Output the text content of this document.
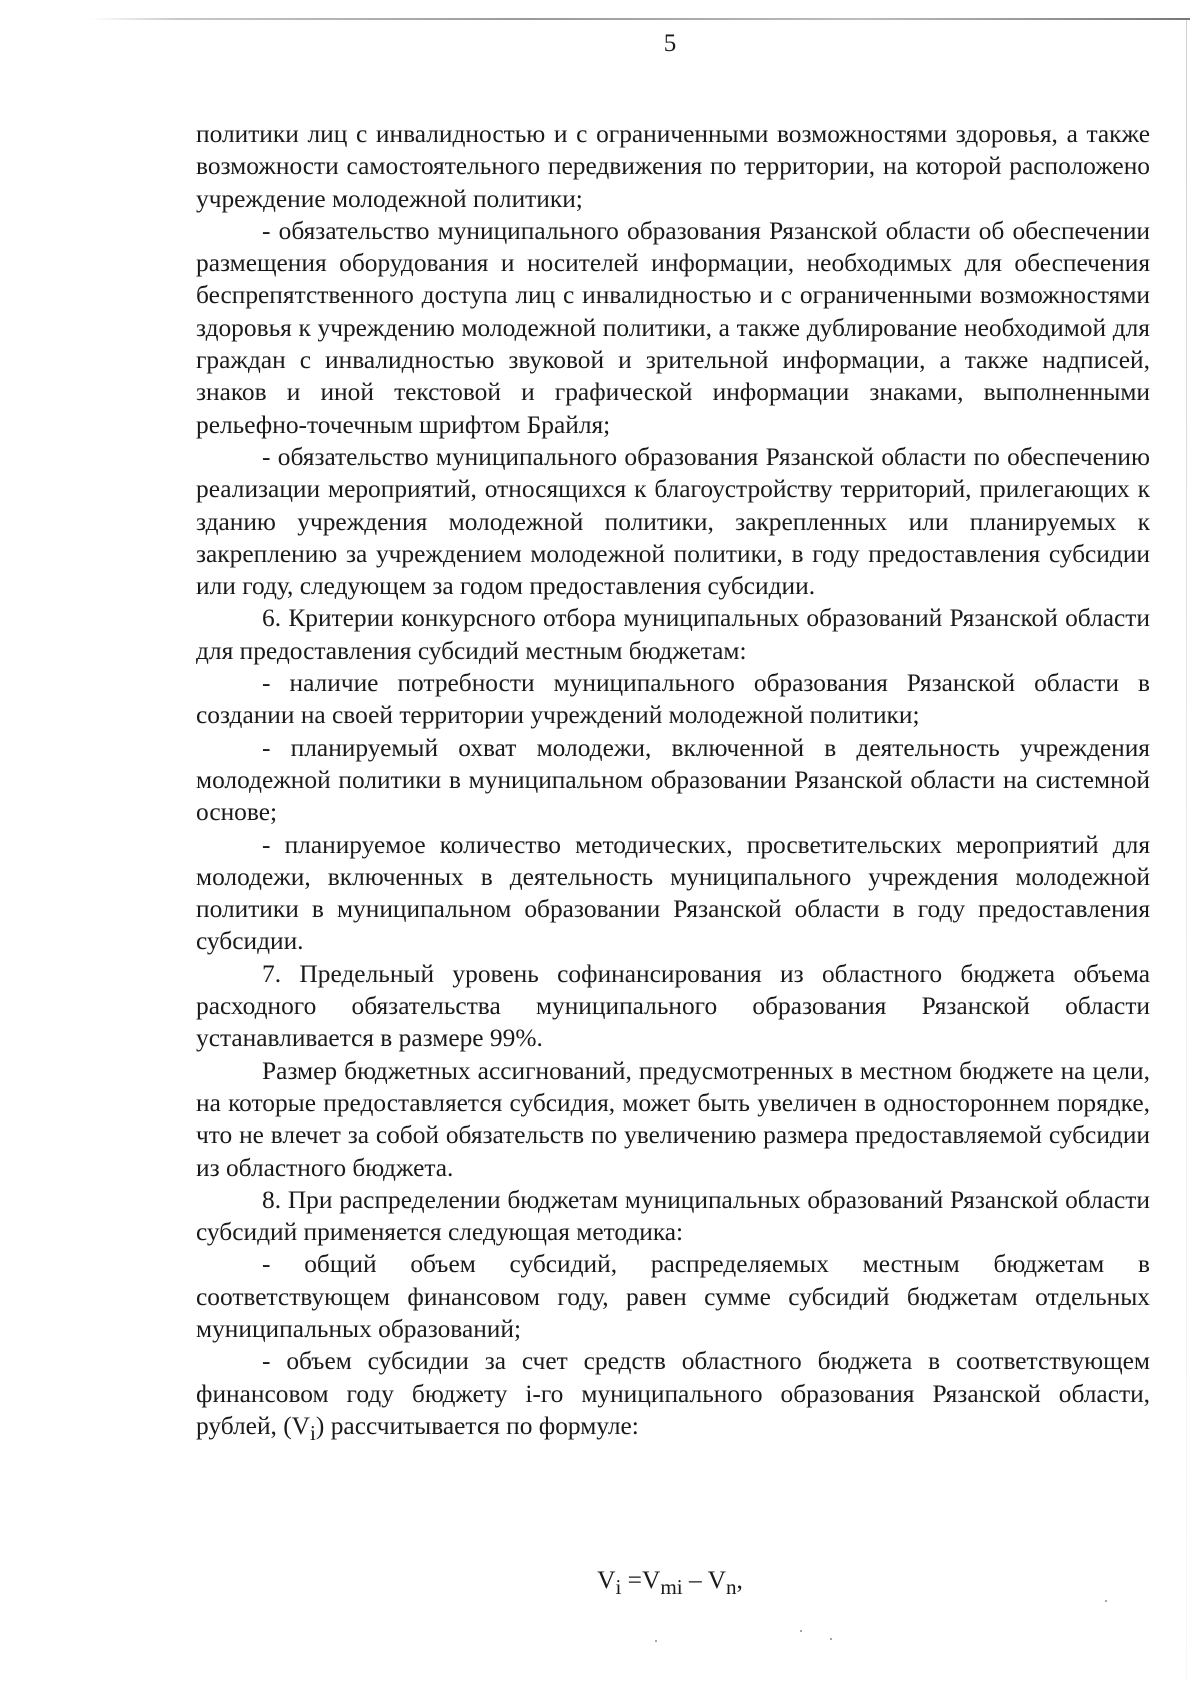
5

политики лиц с инвалидностью и с ограниченными возможностями здоровья, а также возможности самостоятельного передвижения по территории, на которой расположено учреждение молодежной политики;

- обязательство муниципального образования Рязанской области об обеспечении размещения оборудования и носителей информации, необходимых для обеспечения беспрепятственного доступа лиц с инвалидностью и с ограниченными возможностями здоровья к учреждению молодежной политики, а также дублирование необходимой для граждан с инвалидностью звуковой и зрительной информации, а также надписей, знаков и иной текстовой и графической информации знаками, выполненными рельефно-точечным шрифтом Брайля;

- обязательство муниципального образования Рязанской области по обеспечению реализации мероприятий, относящихся к благоустройству территорий, прилегающих к зданию учреждения молодежной политики, закрепленных или планируемых к закреплению за учреждением молодежной политики, в году предоставления субсидии или году, следующем за годом предоставления субсидии.

6. Критерии конкурсного отбора муниципальных образований Рязанской области для предоставления субсидий местным бюджетам:

- наличие потребности муниципального образования Рязанской области в создании на своей территории учреждений молодежной политики;

- планируемый охват молодежи, включенной в деятельность учреждения молодежной политики в муниципальном образовании Рязанской области на системной основе;

- планируемое количество методических, просветительских мероприятий для молодежи, включенных в деятельность муниципального учреждения молодежной политики в муниципальном образовании Рязанской области в году предоставления субсидии.

7. Предельный уровень софинансирования из областного бюджета объема расходного обязательства муниципального образования Рязанской области устанавливается в размере 99%.

Размер бюджетных ассигнований, предусмотренных в местном бюджете на цели, на которые предоставляется субсидия, может быть увеличен в одностороннем порядке, что не влечет за собой обязательств по увеличению размера предоставляемой субсидии из областного бюджета.

8. При распределении бюджетам муниципальных образований Рязанской области субсидий применяется следующая методика:

- общий объем субсидий, распределяемых местным бюджетам в соответствующем финансовом году, равен сумме субсидий бюджетам отдельных муниципальных образований;

- объем субсидии за счет средств областного бюджета в соответствующем финансовом году бюджету i-го муниципального образования Рязанской области, рублей, $(V_i)$ рассчитывается по формуле:

$V_i =V_{mi} - V_n$,
